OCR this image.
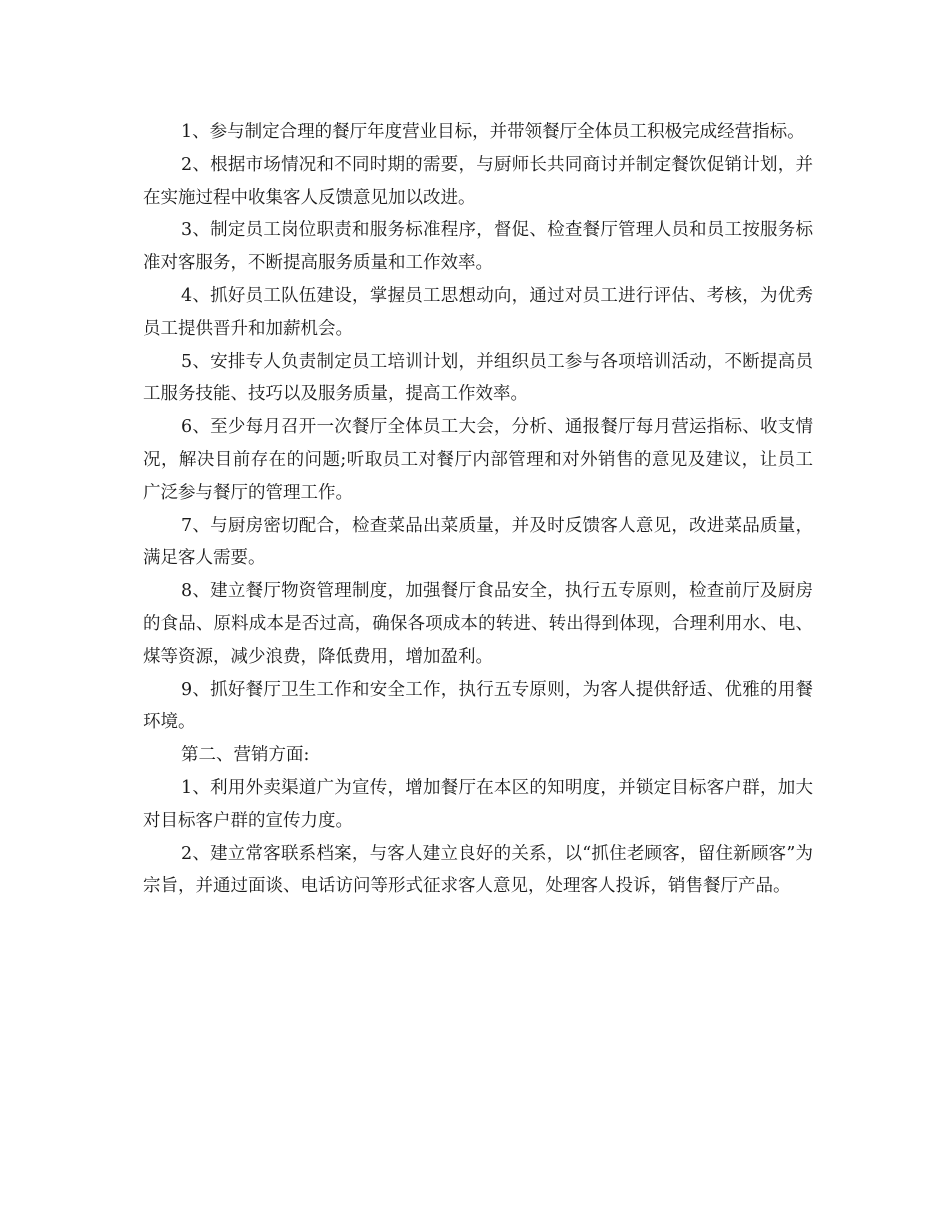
1、参与制定合理的餐厅年度营业目标，并带领餐厅全体员工积极完成经营指标。

2、根据市场情况和不同时期的需要，与厨师长共同商讨并制定餐饮促销计划，并在实施过程中收集客人反馈意见加以改进。

3、制定员工岗位职责和服务标准程序，督促、检查餐厅管理人员和员工按服务标准对客服务，不断提高服务质量和工作效率。

4、抓好员工队伍建设，掌握员工思想动向，通过对员工进行评估、考核，为优秀员工提供晋升和加薪机会。

5、安排专人负责制定员工培训计划，并组织员工参与各项培训活动，不断提高员工服务技能、技巧以及服务质量，提高工作效率。

6、至少每月召开一次餐厅全体员工大会，分析、通报餐厅每月营运指标、收支情况，解决目前存在的问题;听取员工对餐厅内部管理和对外销售的意见及建议，让员工广泛参与餐厅的管理工作。

7、与厨房密切配合，检查菜品出菜质量，并及时反馈客人意见，改进菜品质量，满足客人需要。

8、建立餐厅物资管理制度，加强餐厅食品安全，执行五专原则，检查前厅及厨房的食品、原料成本是否过高，确保各项成本的转进、转出得到体现，合理利用水、电、煤等资源，减少浪费，降低费用，增加盈利。

9、抓好餐厅卫生工作和安全工作，执行五专原则，为客人提供舒适、优雅的用餐环境。

第二、营销方面:

1、利用外卖渠道广为宣传，增加餐厅在本区的知明度，并锁定目标客户群，加大对目标客户群的宣传力度。

2、建立常客联系档案，与客人建立良好的关系，以“抓住老顾客，留住新顾客”为宗旨，并通过面谈、电话访问等形式征求客人意见，处理客人投诉，销售餐厅产品。
